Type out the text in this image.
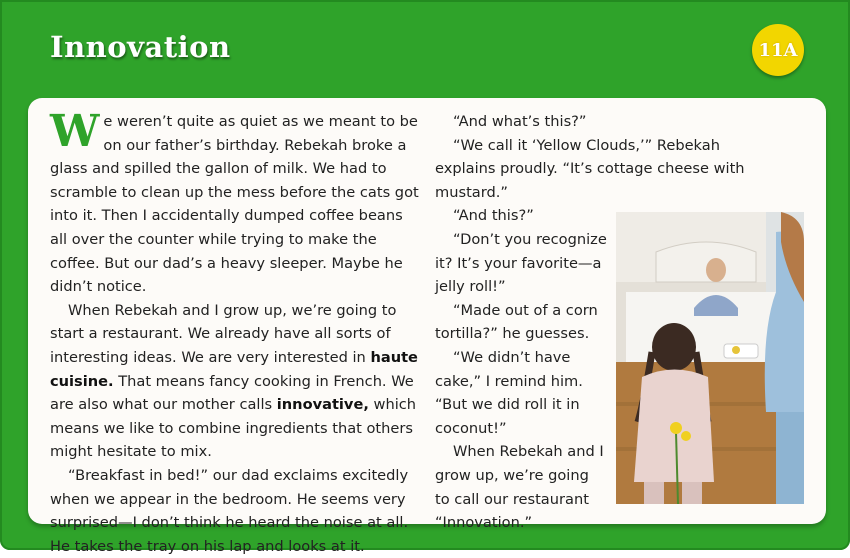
Innovation	11A

We weren’t quite as quiet as we meant to be on our father’s birthday. Rebekah broke a glass and spilled the gallon of milk. We had to scramble to clean up the mess before the cats got into it. Then I accidentally dumped coffee beans all over the counter while trying to make the coffee. But our dad’s a heavy sleeper. Maybe he didn’t notice.

When Rebekah and I grow up, we’re going to start a restaurant. We already have all sorts of interesting ideas. We are very interested in haute cuisine. That means fancy cooking in French. We are also what our mother calls innovative, which means we like to combine ingredients that others might hesitate to mix.

“Breakfast in bed!” our dad exclaims excitedly when we appear in the bedroom. He seems very surprised—I don’t think he heard the noise at all. He takes the tray on his lap and looks at it.

“And what’s this?”

“We call it ‘Yellow Clouds,’” Rebekah explains proudly. “It’s cottage cheese with mustard.”

“And this?”

“Don’t you recognize it? It’s your favorite—a jelly roll!”

“Made out of a corn tortilla?” he guesses.

“We didn’t have cake,” I remind him. “But we did roll it in coconut!”

When Rebekah and I grow up, we’re going to call our restaurant “Innovation.”
